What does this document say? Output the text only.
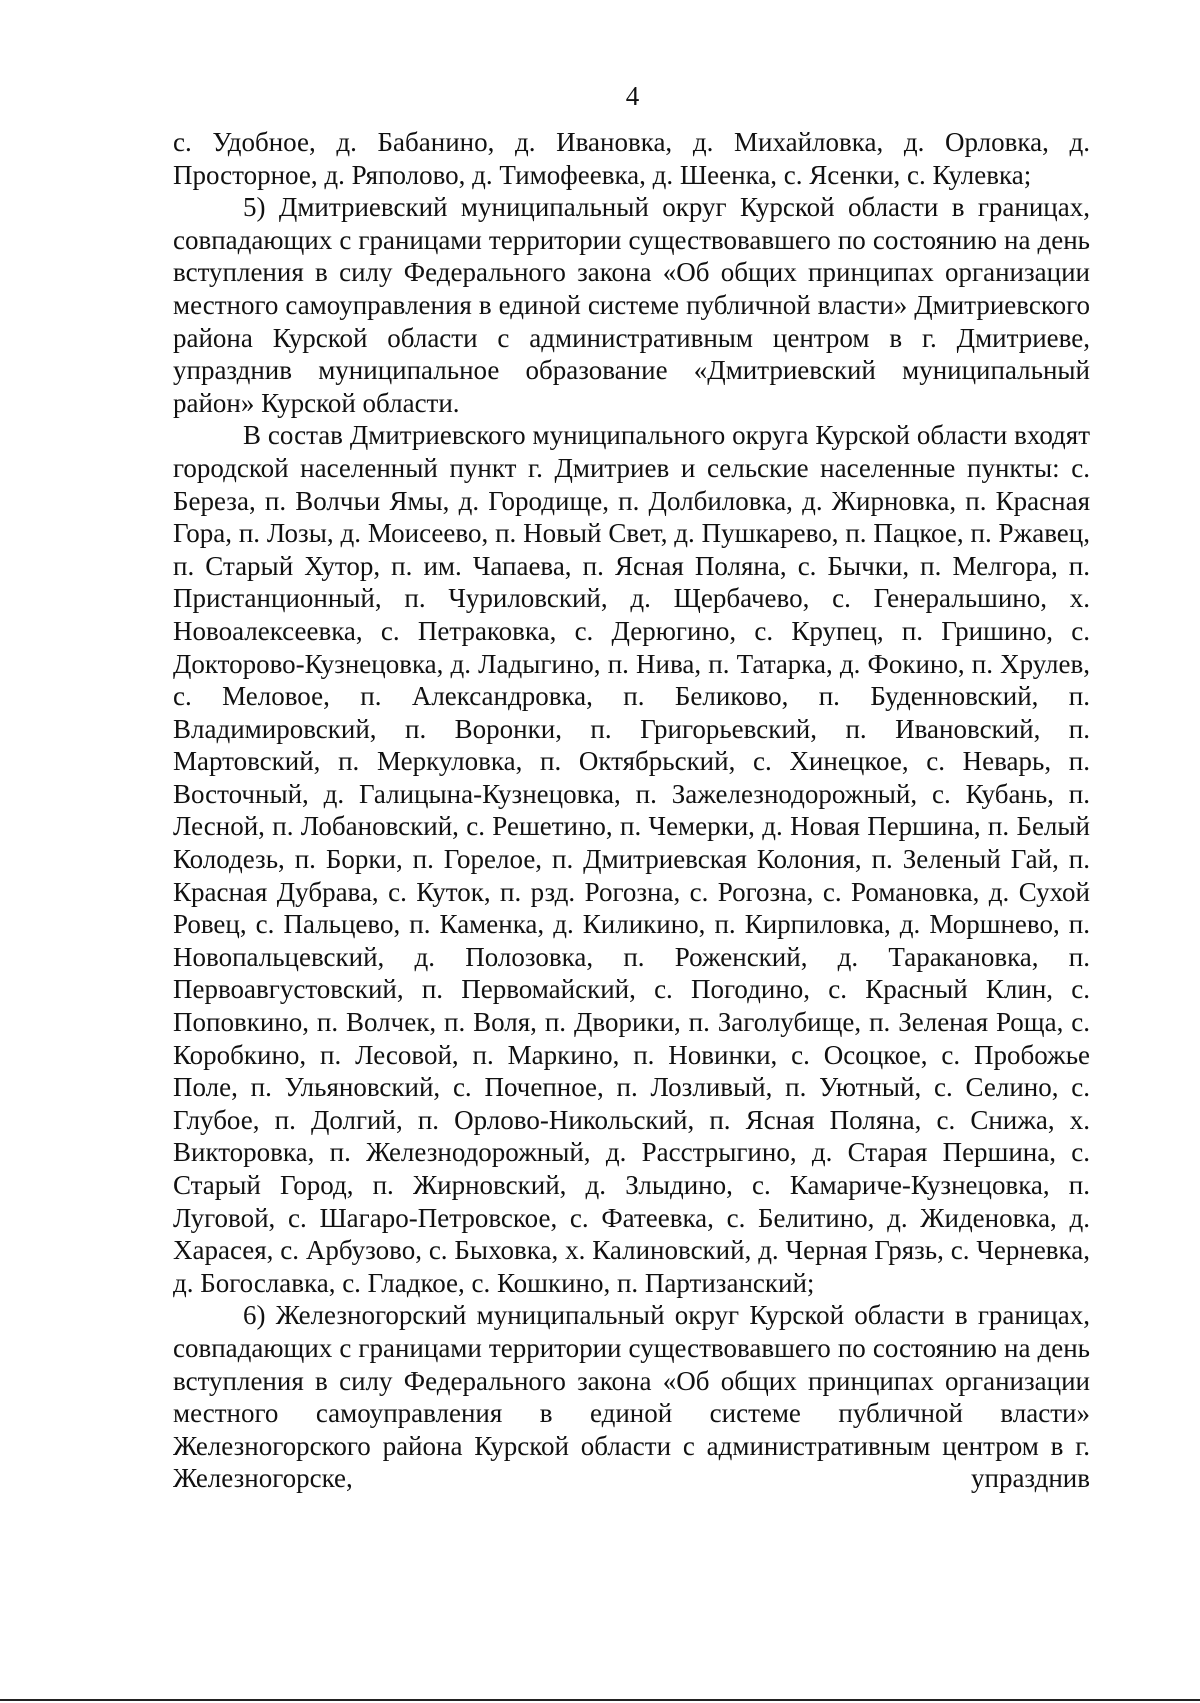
4

с. Удобное, д. Бабанино, д. Ивановка, д. Михайловка, д. Орловка, д. Просторное, д. Ряполово, д. Тимофеевка, д. Шеенка, с. Ясенки, с. Кулевка;

5) Дмитриевский муниципальный округ Курской области в границах, совпадающих с границами территории существовавшего по состоянию на день вступления в силу Федерального закона «Об общих принципах организации местного самоуправления в единой системе публичной власти» Дмитриевского района Курской области с административным центром в г. Дмитриеве, упразднив муниципальное образование «Дмитриевский муниципальный район» Курской области.

В состав Дмитриевского муниципального округа Курской области входят городской населенный пункт г. Дмитриев и сельские населенные пункты: с. Береза, п. Волчьи Ямы, д. Городище, п. Долбиловка, д. Жирновка, п. Красная Гора, п. Лозы, д. Моисеево, п. Новый Свет, д. Пушкарево, п. Пацкое, п. Ржавец, п. Старый Хутор, п. им. Чапаева, п. Ясная Поляна, с. Бычки, п. Мелгора, п. Пристанционный, п. Чуриловский, д. Щербачево, с. Генеральшино, х. Новоалексеевка, с. Петраковка, с. Дерюгино, с. Крупец, п. Гришино, с. Докторово-Кузнецовка, д. Ладыгино, п. Нива, п. Татарка, д. Фокино, п. Хрулев, с. Меловое, п. Александровка, п. Беликово, п. Буденновский, п. Владимировский, п. Воронки, п. Григорьевский, п. Ивановский, п. Мартовский, п. Меркуловка, п. Октябрьский, с. Хинецкое, с. Неварь, п. Восточный, д. Галицына-Кузнецовка, п. Зажелезнодорожный, с. Кубань, п. Лесной, п. Лобановский, с. Решетино, п. Чемерки, д. Новая Першина, п. Белый Колодезь, п. Борки, п. Горелое, п. Дмитриевская Колония, п. Зеленый Гай, п. Красная Дубрава, с. Куток, п. рзд. Рогозна, с. Рогозна, с. Романовка, д. Сухой Ровец, с. Пальцево, п. Каменка, д. Киликино, п. Кирпиловка, д. Моршнево, п. Новопальцевский, д. Полозовка, п. Роженский, д. Таракановка, п. Первоавгустовский, п. Первомайский, с. Погодино, с. Красный Клин, с. Поповкино, п. Волчек, п. Воля, п. Дворики, п. Заголубище, п. Зеленая Роща, с. Коробкино, п. Лесовой, п. Маркино, п. Новинки, с. Осоцкое, с. Пробожье Поле, п. Ульяновский, с. Почепное, п. Лозливый, п. Уютный, с. Селино, с. Глубое, п. Долгий, п. Орлово-Никольский, п. Ясная Поляна, с. Снижа, х. Викторовка, п. Железнодорожный, д. Расстрыгино, д. Старая Першина, с. Старый Город, п. Жирновский, д. Злыдино, с. Камариче-Кузнецовка, п. Луговой, с. Шагаро-Петровское, с. Фатеевка, с. Белитино, д. Жиденовка, д. Харасея, с. Арбузово, с. Быховка, х. Калиновский, д. Черная Грязь, с. Черневка, д. Богославка, с. Гладкое, с. Кошкино, п. Партизанский;

6) Железногорский муниципальный округ Курской области в границах, совпадающих с границами территории существовавшего по состоянию на день вступления в силу Федерального закона «Об общих принципах организации местного самоуправления в единой системе публичной власти» Железногорского района Курской области с административным центром в г. Железногорске, упразднив
